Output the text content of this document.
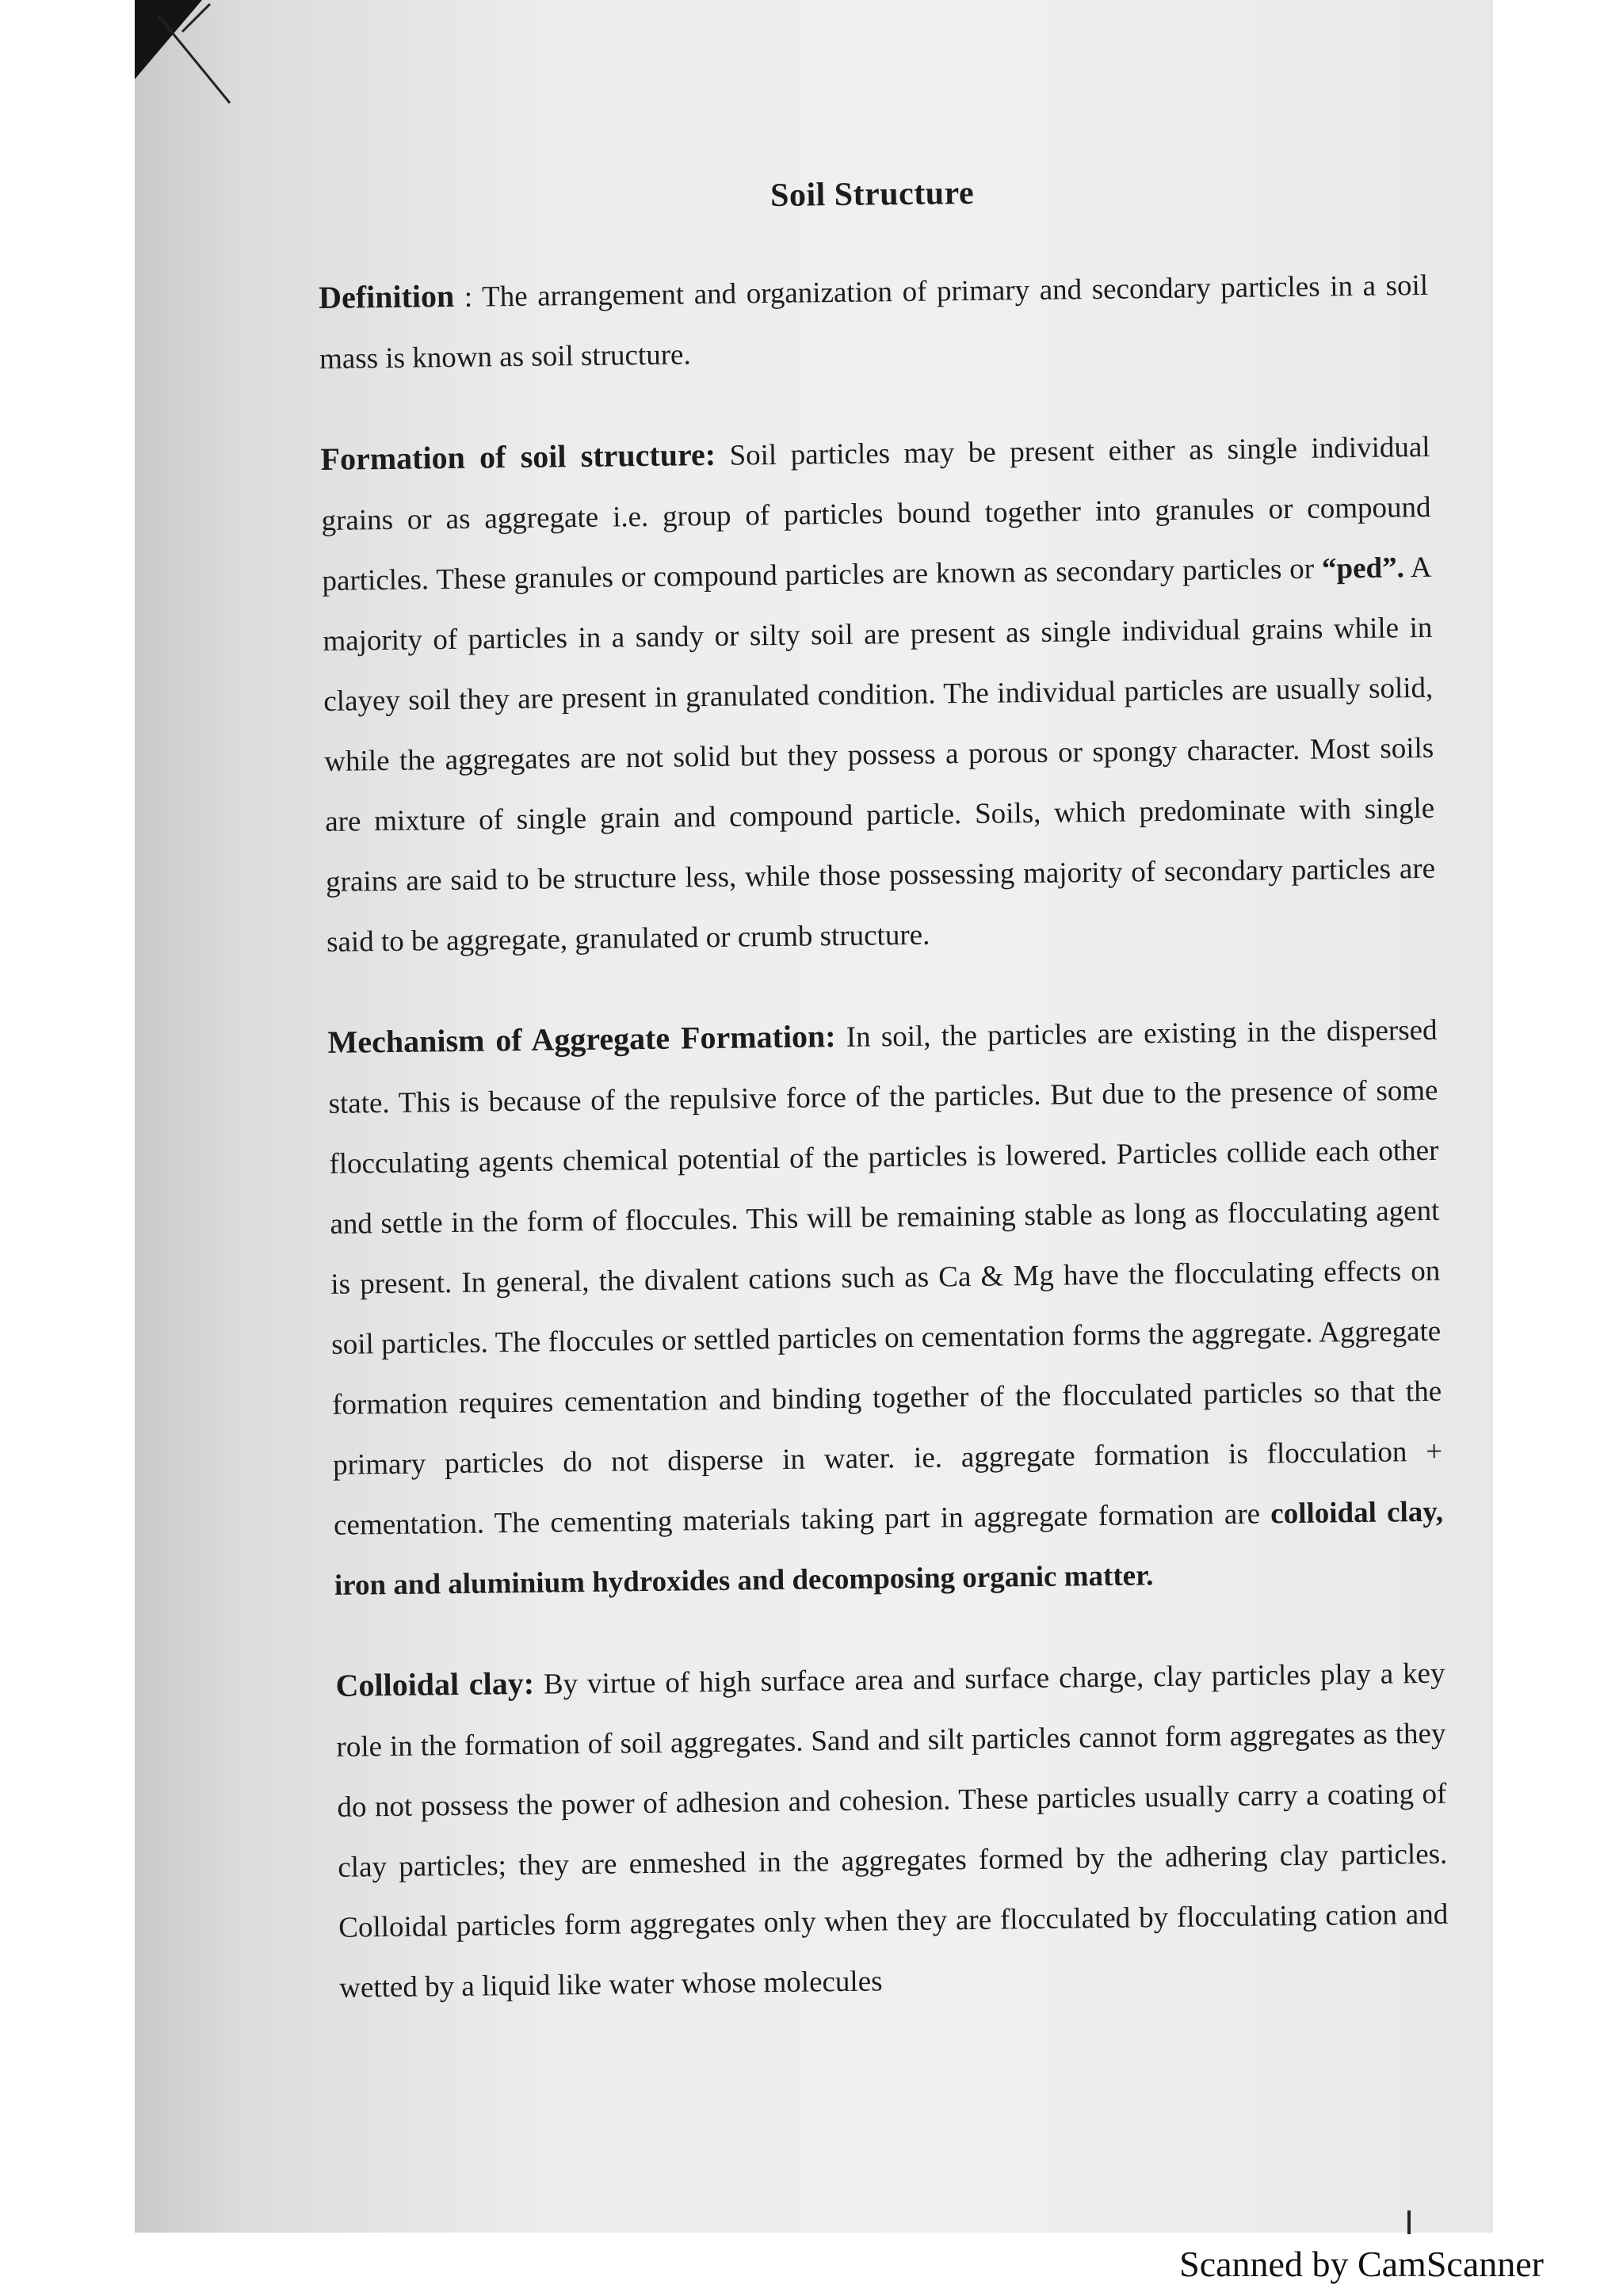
Soil Structure

Definition : The arrangement and organization of primary and secondary particles in a soil mass is known as soil structure.

Formation of soil structure: Soil particles may be present either as single individual grains or as aggregate i.e. group of particles bound together into granules or compound particles. These granules or compound particles are known as secondary particles or “ped”. A majority of particles in a sandy or silty soil are present as single individual grains while in clayey soil they are present in granulated condition. The individual particles are usually solid, while the aggregates are not solid but they possess a porous or spongy character. Most soils are mixture of single grain and compound particle. Soils, which predominate with single grains are said to be structure less, while those possessing majority of secondary particles are said to be aggregate, granulated or crumb structure.

Mechanism of Aggregate Formation: In soil, the particles are existing in the dispersed state. This is because of the repulsive force of the particles. But due to the presence of some flocculating agents chemical potential of the particles is lowered. Particles collide each other and settle in the form of floccules. This will be remaining stable as long as flocculating agent is present. In general, the divalent cations such as Ca & Mg have the flocculating effects on soil particles. The floccules or settled particles on cementation forms the aggregate. Aggregate formation requires cementation and binding together of the flocculated particles so that the primary particles do not disperse in water. ie. aggregate formation is flocculation + cementation. The cementing materials taking part in aggregate formation are colloidal clay, iron and aluminium hydroxides and decomposing organic matter.

Colloidal clay: By virtue of high surface area and surface charge, clay particles play a key role in the formation of soil aggregates. Sand and silt particles cannot form aggregates as they do not possess the power of adhesion and cohesion. These particles usually carry a coating of clay particles; they are enmeshed in the aggregates formed by the adhering clay particles. Colloidal particles form aggregates only when they are flocculated by flocculating cation and wetted by a liquid like water whose molecules

Scanned by CamScanner
